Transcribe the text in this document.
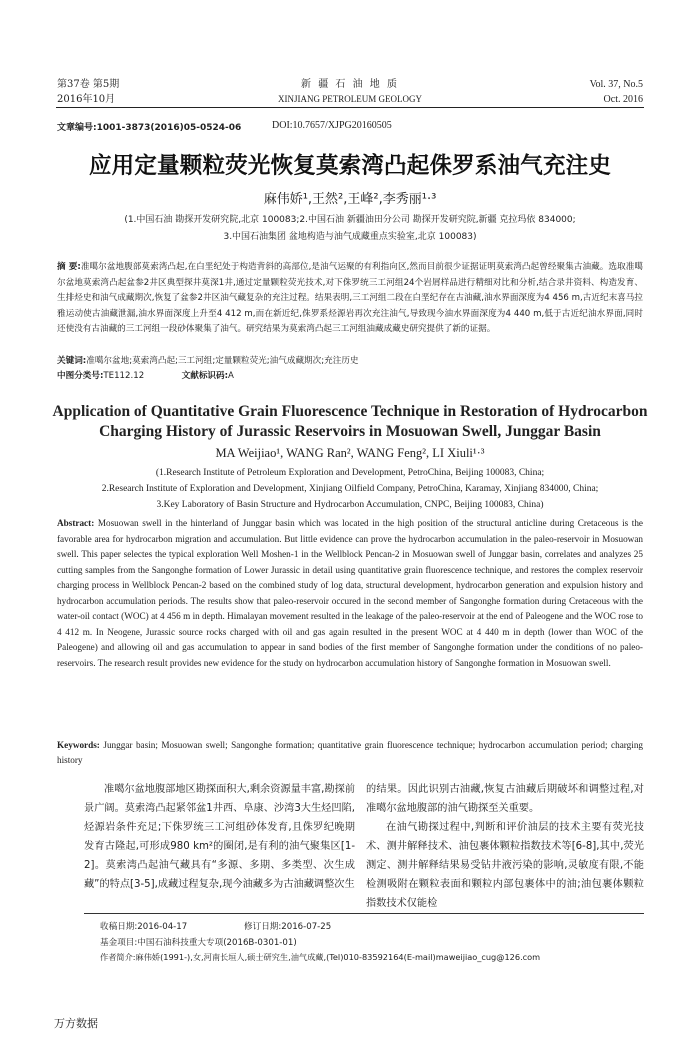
第37卷 第5期
2016年10月
新 疆 石 油 地 质
XINJIANG PETROLEUM GEOLOGY
Vol. 37, No.5
Oct. 2016
文章编号:1001-3873(2016)05-0524-06	DOI:10.7657/XJPG20160505
应用定量颗粒荧光恢复莫索湾凸起侏罗系油气充注史
麻伟娇¹,王然²,王峰²,李秀丽¹·³
(1.中国石油 勘探开发研究院,北京 100083;2.中国石油 新疆油田分公司 勘探开发研究院,新疆 克拉玛依 834000;
3.中国石油集团 盆地构造与油气成藏重点实验室,北京 100083)
摘 要:准噶尔盆地腹部莫索湾凸起,在白垩纪处于构造背斜的高部位,是油气运聚的有利指向区,然而目前很少证据证明莫索湾凸起曾经聚集古油藏。选取准噶尔盆地莫索湾凸起盆参2井区典型探井莫深1井,通过定量颗粒荧光技术,对下侏罗统三工河组24个岩屑样品进行精细对比和分析,结合录井资料、构造发育、生排烃史和油气成藏期次,恢复了盆参2井区油气藏复杂的充注过程。结果表明,三工河组二段在白垩纪存在古油藏,油水界面深度为4 456 m,古近纪末喜马拉雅运动使古油藏泄漏,油水界面深度上升至4 412 m,而在新近纪,侏罗系烃源岩再次充注油气,导致现今油水界面深度为4 440 m,低于古近纪油水界面,同时还使没有古油藏的三工河组一段砂体聚集了油气。研究结果为莫索湾凸起三工河组油藏成藏史研究提供了新的证据。
关键词:准噶尔盆地;莫索湾凸起;三工河组;定量颗粒荧光;油气成藏期次;充注历史
中图分类号:TE112.12	文献标识码:A
Application of Quantitative Grain Fluorescence Technique in Restoration of Hydrocarbon
Charging History of Jurassic Reservoirs in Mosuowan Swell, Junggar Basin
MA Weijiao¹, WANG Ran², WANG Feng², LI Xiuli¹·³
(1.Research Institute of Petroleum Exploration and Development, PetroChina, Beijing 100083, China;
2.Research Institute of Exploration and Development, Xinjiang Oilfield Company, PetroChina, Karamay, Xinjiang 834000, China;
3.Key Laboratory of Basin Structure and Hydrocarbon Accumulation, CNPC, Beijing 100083, China)
Abstract: Mosuowan swell in the hinterland of Junggar basin which was located in the high position of the structural anticline during Cretaceous is the favorable area for hydrocarbon migration and accumulation. But little evidence can prove the hydrocarbon accumulation in the paleo-reservoir in Mosuowan swell. This paper selectes the typical exploration Well Moshen-1 in the Wellblock Pencan-2 in Mosuowan swell of Junggar basin, correlates and analyzes 25 cutting samples from the Sangonghe formation of Lower Jurassic in detail using quantitative grain fluorescence technique, and restores the complex reservoir charging process in Wellblock Pencan-2 based on the combined study of log data, structural development, hydrocarbon generation and expulsion history and hydrocarbon accumulation periods. The results show that paleo-reservoir occured in the second member of Sangonghe formation during Cretaceous with the water-oil contact (WOC) at 4 456 m in depth. Himalayan movement resulted in the leakage of the paleo-reservoir at the end of Paleogene and the WOC rose to 4 412 m. In Neogene, Jurassic source rocks charged with oil and gas again resulted in the present WOC at 4 440 m in depth (lower than WOC of the Paleogene) and allowing oil and gas accumulation to appear in sand bodies of the first member of Sangonghe formation under the conditions of no paleo-reservoirs. The research result provides new evidence for the study on hydrocarbon accumulation history of Sangonghe formation in Mosuowan swell.
Keywords: Junggar basin; Mosuowan swell; Sangonghe formation; quantitative grain fluorescence technique; hydrocarbon accumulation period; charging history
准噶尔盆地腹部地区勘探面积大,剩余资源量丰富,勘探前景广阔。莫索湾凸起紧邻盆1井西、阜康、沙湾3大生烃凹陷,烃源岩条件充足;下侏罗统三工河组砂体发育,且侏罗纪晚期发育古隆起,可形成980 km²的圈闭,是有利的油气聚集区[1-2]。莫索湾凸起油气藏具有“多源、多期、多类型、次生成藏”的特点[3-5],成藏过程复杂,现今油藏多为古油藏调整次生

的结果。因此识别古油藏,恢复古油藏后期破坏和调整过程,对准噶尔盆地腹部的油气勘探至关重要。

在油气勘探过程中,判断和评价油层的技术主要有荧光技术、测井解释技术、油包裹体颗粒指数技术等[6-8],其中,荧光测定、测井解释结果易受钻井液污染的影响,灵敏度有限,不能检测吸附在颗粒表面和颗粒内部包裹体中的油;油包裹体颗粒指数技术仅能检

收稿日期:2016-04-17	修订日期:2016-07-25
基金项目:中国石油科技重大专项(2016B-0301-01)
作者简介:麻伟娇(1991-),女,河南长垣人,硕士研究生,油气成藏,(Tel)010-83592164(E-mail)maweijiao_cug@126.com
万方数据
